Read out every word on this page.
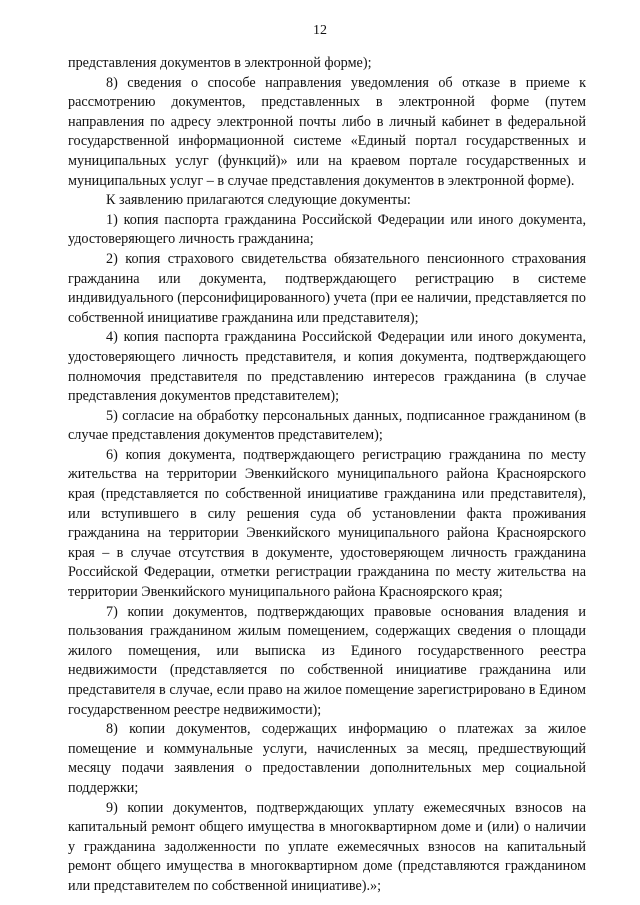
12

представления документов в электронной форме);

8) сведения о способе направления уведомления об отказе в приеме к рассмотрению документов, представленных в электронной форме (путем направления по адресу электронной почты либо в личный кабинет в федеральной государственной информационной системе «Единый портал государственных и муниципальных услуг (функций)» или на краевом портале государственных и муниципальных услуг – в случае представления документов в электронной форме).

К заявлению прилагаются следующие документы:

1) копия паспорта гражданина Российской Федерации или иного документа, удостоверяющего личность гражданина;

2) копия страхового свидетельства обязательного пенсионного страхования гражданина или документа, подтверждающего регистрацию в системе индивидуального (персонифицированного) учета (при ее наличии, представляется по собственной инициативе гражданина или представителя);

4) копия паспорта гражданина Российской Федерации или иного документа, удостоверяющего личность представителя, и копия документа, подтверждающего полномочия представителя по представлению интересов гражданина (в случае представления документов представителем);

5) согласие на обработку персональных данных, подписанное гражданином (в случае представления документов представителем);

6) копия документа, подтверждающего регистрацию гражданина по месту жительства на территории Эвенкийского муниципального района Красноярского края (представляется по собственной инициативе гражданина или представителя), или вступившего в силу решения суда об установлении факта проживания гражданина на территории Эвенкийского муниципального района Красноярского края – в случае отсутствия в документе, удостоверяющем личность гражданина Российской Федерации, отметки регистрации гражданина по месту жительства на территории Эвенкийского муниципального района Красноярского края;

7) копии документов, подтверждающих правовые основания владения и пользования гражданином жилым помещением, содержащих сведения о площади жилого помещения, или выписка из Единого государственного реестра недвижимости (представляется по собственной инициативе гражданина или представителя в случае, если право на жилое помещение зарегистрировано в Едином государственном реестре недвижимости);

8) копии документов, содержащих информацию о платежах за жилое помещение и коммунальные услуги, начисленных за месяц, предшествующий месяцу подачи заявления о предоставлении дополнительных мер социальной поддержки;

9) копии документов, подтверждающих уплату ежемесячных взносов на капитальный ремонт общего имущества в многоквартирном доме и (или) о наличии у гражданина задолженности по уплате ежемесячных взносов на капитальный ремонт общего имущества в многоквартирном доме (представляются гражданином или представителем по собственной инициативе).»;
